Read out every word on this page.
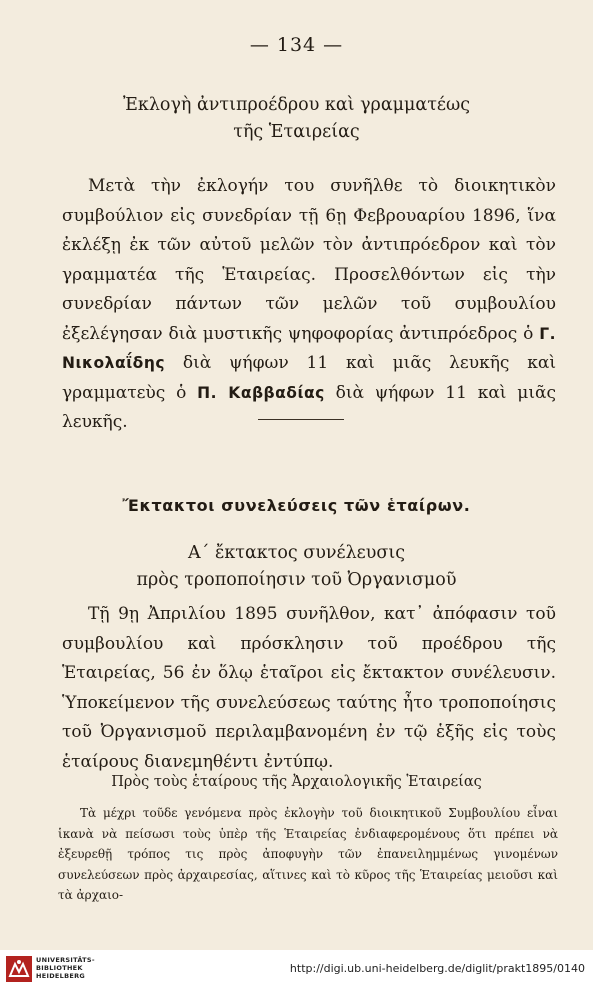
— 134 —
Ἐκλογὴ ἀντιπροέδρου καὶ γραμματέως
τῆς Ἑταιρείας

Μετὰ τὴν ἐκλογήν του συνῆλθε τὸ διοικητικὸν συμβούλιον εἰς συνεδρίαν τῇ 6ῃ Φεβρουαρίου 1896, ἵνα ἐκλέξῃ ἐκ τῶν αὐτοῦ μελῶν τὸν ἀντιπρόεδρον καὶ τὸν γραμματέα τῆς Ἑταιρείας. Προσελθόντων εἰς τὴν συνεδρίαν πάντων τῶν μελῶν τοῦ συμβουλίου ἐξελέγησαν διὰ μυστικῆς ψηφοφορίας ἀντιπρόεδρος ὁ Γ. Νικολαΐδης διὰ ψήφων 11 καὶ μιᾶς λευκῆς καὶ γραμματεὺς ὁ Π. Καββαδίας διὰ ψήφων 11 καὶ μιᾶς λευκῆς.

Ἔκτακτοι συνελεύσεις τῶν ἑταίρων.
Α΄ ἔκτακτος συνέλευσις
πρὸς τροποποίησιν τοῦ Ὀργανισμοῦ

Τῇ 9ῃ Ἀπριλίου 1895 συνῆλθον, κατ᾽ ἀπόφασιν τοῦ συμβουλίου καὶ πρόσκλησιν τοῦ προέδρου τῆς Ἑταιρείας, 56 ἐν ὅλῳ ἑταῖροι εἰς ἔκτακτον συνέλευσιν. Ὑποκείμενον τῆς συνελεύσεως ταύτης ἦτο τροποποίησις τοῦ Ὀργανισμοῦ περιλαμβανομένη ἐν τῷ ἑξῆς εἰς τοὺς ἑταίρους διανεμηθέντι ἐντύπῳ.

Πρὸς τοὺς ἑταίρους τῆς Ἀρχαιολογικῆς Ἑταιρείας

Τὰ μέχρι τοῦδε γενόμενα πρὸς ἐκλογὴν τοῦ διοικητικοῦ Συμβουλίου εἶναι ἱκανὰ νὰ πείσωσι τοὺς ὑπὲρ τῆς Ἑταιρείας ἐνδιαφερομένους ὅτι πρέπει νὰ ἐξευρεθῇ τρόπος τις πρὸς ἀποφυγὴν τῶν ἐπανειλημμένως γινομένων συνελεύσεων πρὸς ἀρχαιρεσίας, αἵτινες καὶ τὸ κῦρος τῆς Ἑταιρείας μειοῦσι καὶ τὰ ἀρχαιο-

UNIVERSITÄTS-
BIBLIOTHEK
HEIDELBERG
http://digi.ub.uni-heidelberg.de/diglit/prakt1895/0140
